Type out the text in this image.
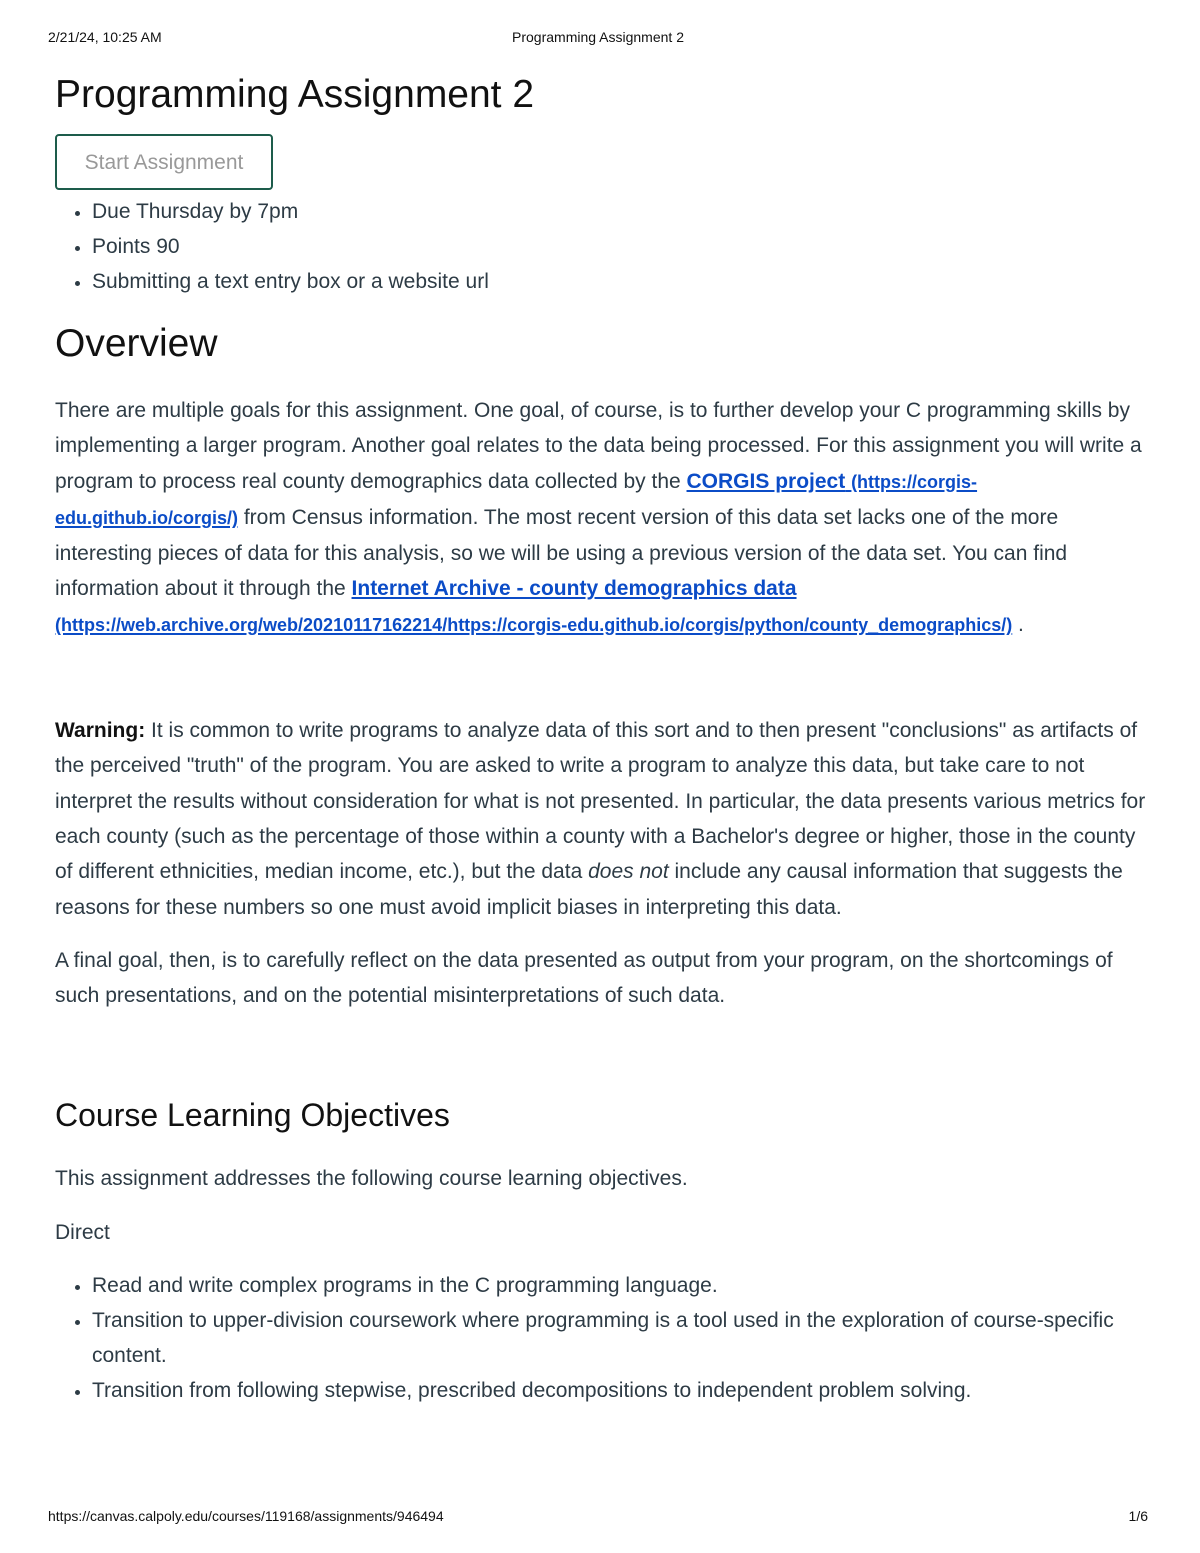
2/21/24, 10:25 AM	Programming Assignment 2
Programming Assignment 2
Start Assignment
• Due Thursday by 7pm
• Points 90
• Submitting a text entry box or a website url
Overview

There are multiple goals for this assignment. One goal, of course, is to further develop your C programming skills by implementing a larger program. Another goal relates to the data being processed. For this assignment you will write a program to process real county demographics data collected by the CORGIS project (https://corgis-edu.github.io/corgis/) from Census information. The most recent version of this data set lacks one of the more interesting pieces of data for this analysis, so we will be using a previous version of the data set. You can find information about it through the Internet Archive - county demographics data (https://web.archive.org/web/20210117162214/https://corgis-edu.github.io/corgis/python/county_demographics/) .

Warning: It is common to write programs to analyze data of this sort and to then present "conclusions" as artifacts of the perceived "truth" of the program. You are asked to write a program to analyze this data, but take care to not interpret the results without consideration for what is not presented. In particular, the data presents various metrics for each county (such as the percentage of those within a county with a Bachelor's degree or higher, those in the county of different ethnicities, median income, etc.), but the data does not include any causal information that suggests the reasons for these numbers so one must avoid implicit biases in interpreting this data.

A final goal, then, is to carefully reflect on the data presented as output from your program, on the shortcomings of such presentations, and on the potential misinterpretations of such data.

Course Learning Objectives

This assignment addresses the following course learning objectives.

Direct

• Read and write complex programs in the C programming language.
• Transition to upper-division coursework where programming is a tool used in the exploration of course-specific content.
• Transition from following stepwise, prescribed decompositions to independent problem solving.
https://canvas.calpoly.edu/courses/119168/assignments/946494	1/6
